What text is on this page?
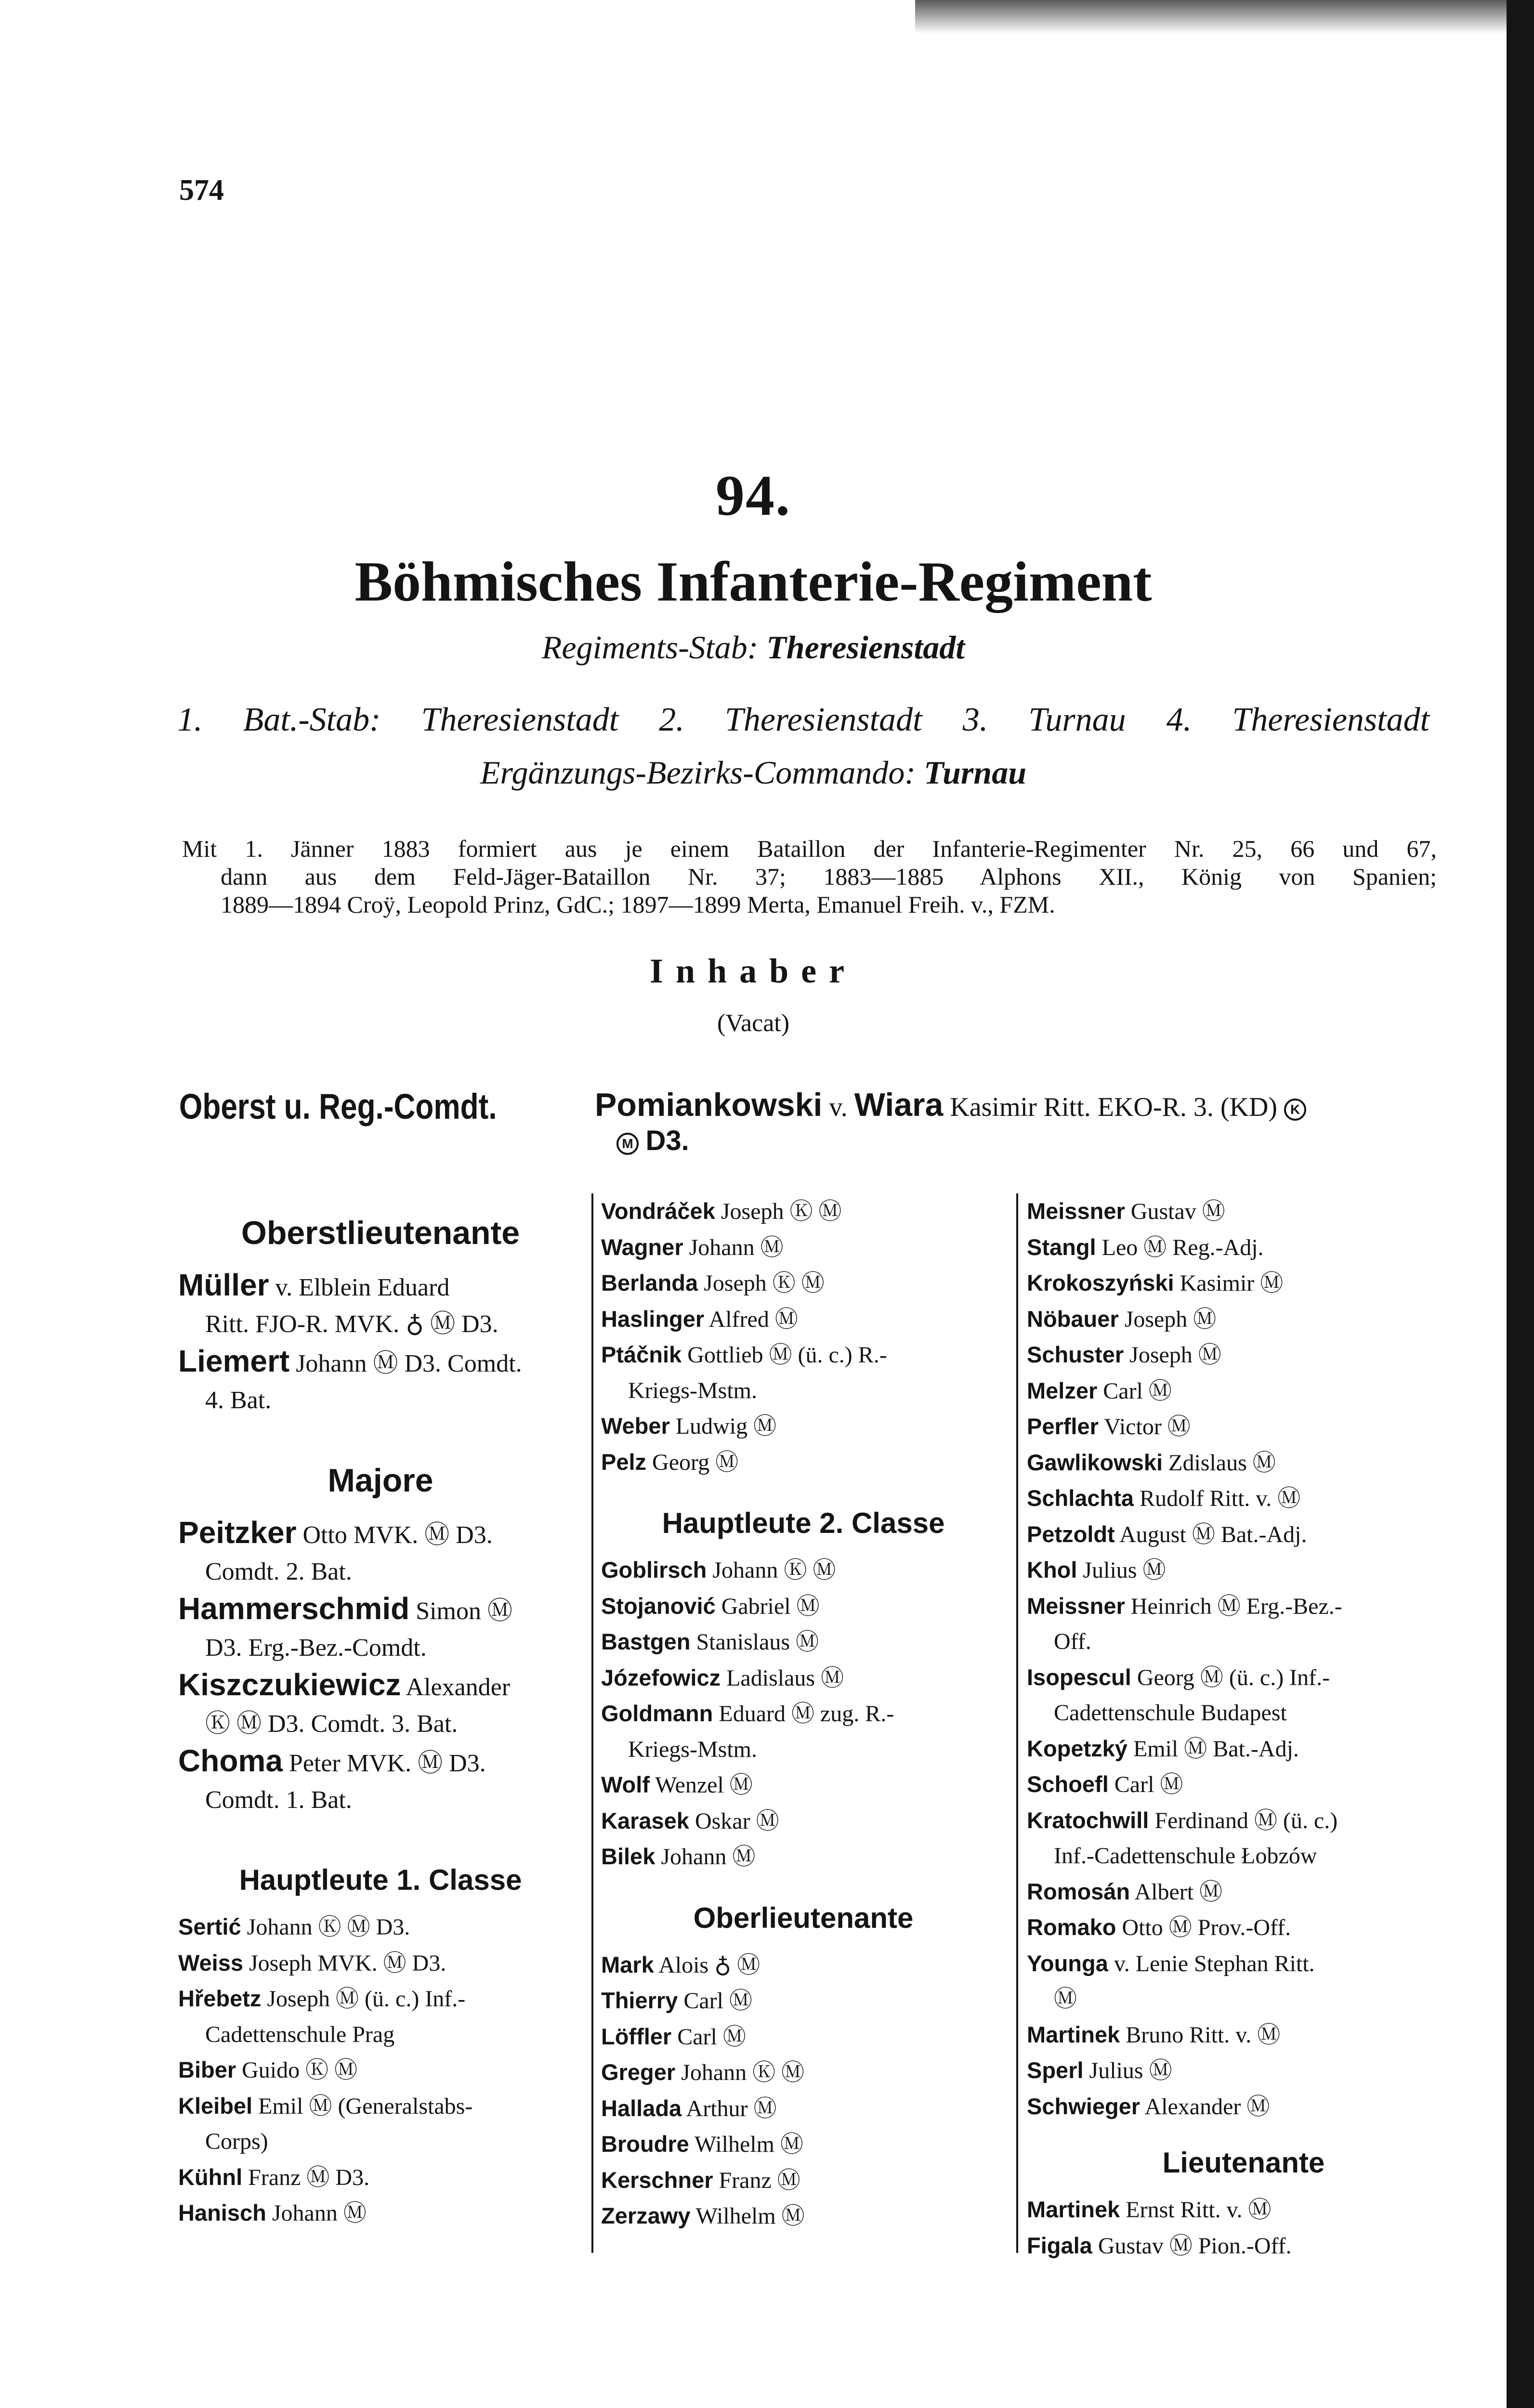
574
94.
Böhmisches Infanterie-Regiment
Regiments-Stab: Theresienstadt
1. Bat.-Stab: Theresienstadt 2. Theresienstadt 3. Turnau 4. Theresienstadt
Ergänzungs-Bezirks-Commando: Turnau
Mit 1. Jänner 1883 formiert aus je einem Bataillon der Infanterie-Regimenter Nr. 25, 66 und 67,
dann aus dem Feld-Jäger-Bataillon Nr. 37; 1883—1885 Alphons XII., König von Spanien;
1889—1894 Croÿ, Leopold Prinz, GdC.; 1897—1899 Merta, Emanuel Freih. v., FZM.
Inhaber
(Vacat)
Oberst u. Reg.-Comdt.	Pomiankowski v. Wiara Kasimir Ritt. EKO-R. 3. (KD) K
M D3.
Oberstlieutenante
Müller v. Elblein Eduard
Ritt. FJO-R. MVK. ♁ Ⓜ D3.
Liemert Johann Ⓜ D3. Comdt.
4. Bat.
Majore
Peitzker Otto MVK. Ⓜ D3.
Comdt. 2. Bat.
Hammerschmid Simon Ⓜ
D3. Erg.-Bez.-Comdt.
Kiszczukiewicz Alexander
Ⓚ Ⓜ D3. Comdt. 3. Bat.
Choma Peter MVK. Ⓜ D3.
Comdt. 1. Bat.
Hauptleute 1. Classe
Sertić Johann Ⓚ Ⓜ D3.
Weiss Joseph MVK. Ⓜ D3.
Hřebetz Joseph Ⓜ (ü. c.) Inf.-
Cadettenschule Prag
Biber Guido Ⓚ Ⓜ
Kleibel Emil Ⓜ (Generalstabs-
Corps)
Kühnl Franz Ⓜ D3.
Hanisch Johann Ⓜ
Vondráček Joseph Ⓚ Ⓜ
Wagner Johann Ⓜ
Berlanda Joseph Ⓚ Ⓜ
Haslinger Alfred Ⓜ
Ptáčnik Gottlieb Ⓜ (ü. c.) R.-
Kriegs-Mstm.
Weber Ludwig Ⓜ
Pelz Georg Ⓜ
Hauptleute 2. Classe
Goblirsch Johann Ⓚ Ⓜ
Stojanović Gabriel Ⓜ
Bastgen Stanislaus Ⓜ
Józefowicz Ladislaus Ⓜ
Goldmann Eduard Ⓜ zug. R.-
Kriegs-Mstm.
Wolf Wenzel Ⓜ
Karasek Oskar Ⓜ
Bilek Johann Ⓜ
Oberlieutenante
Mark Alois ♁ Ⓜ
Thierry Carl Ⓜ
Löffler Carl Ⓜ
Greger Johann Ⓚ Ⓜ
Hallada Arthur Ⓜ
Broudre Wilhelm Ⓜ
Kerschner Franz Ⓜ
Zerzawy Wilhelm Ⓜ
Meissner Gustav Ⓜ
Stangl Leo Ⓜ Reg.-Adj.
Krokoszyński Kasimir Ⓜ
Nöbauer Joseph Ⓜ
Schuster Joseph Ⓜ
Melzer Carl Ⓜ
Perfler Victor Ⓜ
Gawlikowski Zdislaus Ⓜ
Schlachta Rudolf Ritt. v. Ⓜ
Petzoldt August Ⓜ Bat.-Adj.
Khol Julius Ⓜ
Meissner Heinrich Ⓜ Erg.-Bez.-
Off.
Isopescul Georg Ⓜ (ü. c.) Inf.-
Cadettenschule Budapest
Kopetzký Emil Ⓜ Bat.-Adj.
Schoefl Carl Ⓜ
Kratochwill Ferdinand Ⓜ (ü. c.)
Inf.-Cadettenschule Łobzów
Romosán Albert Ⓜ
Romako Otto Ⓜ Prov.-Off.
Younga v. Lenie Stephan Ritt.
Ⓜ
Martinek Bruno Ritt. v. Ⓜ
Sperl Julius Ⓜ
Schwieger Alexander Ⓜ
Lieutenante
Martinek Ernst Ritt. v. Ⓜ
Figala Gustav Ⓜ Pion.-Off.
